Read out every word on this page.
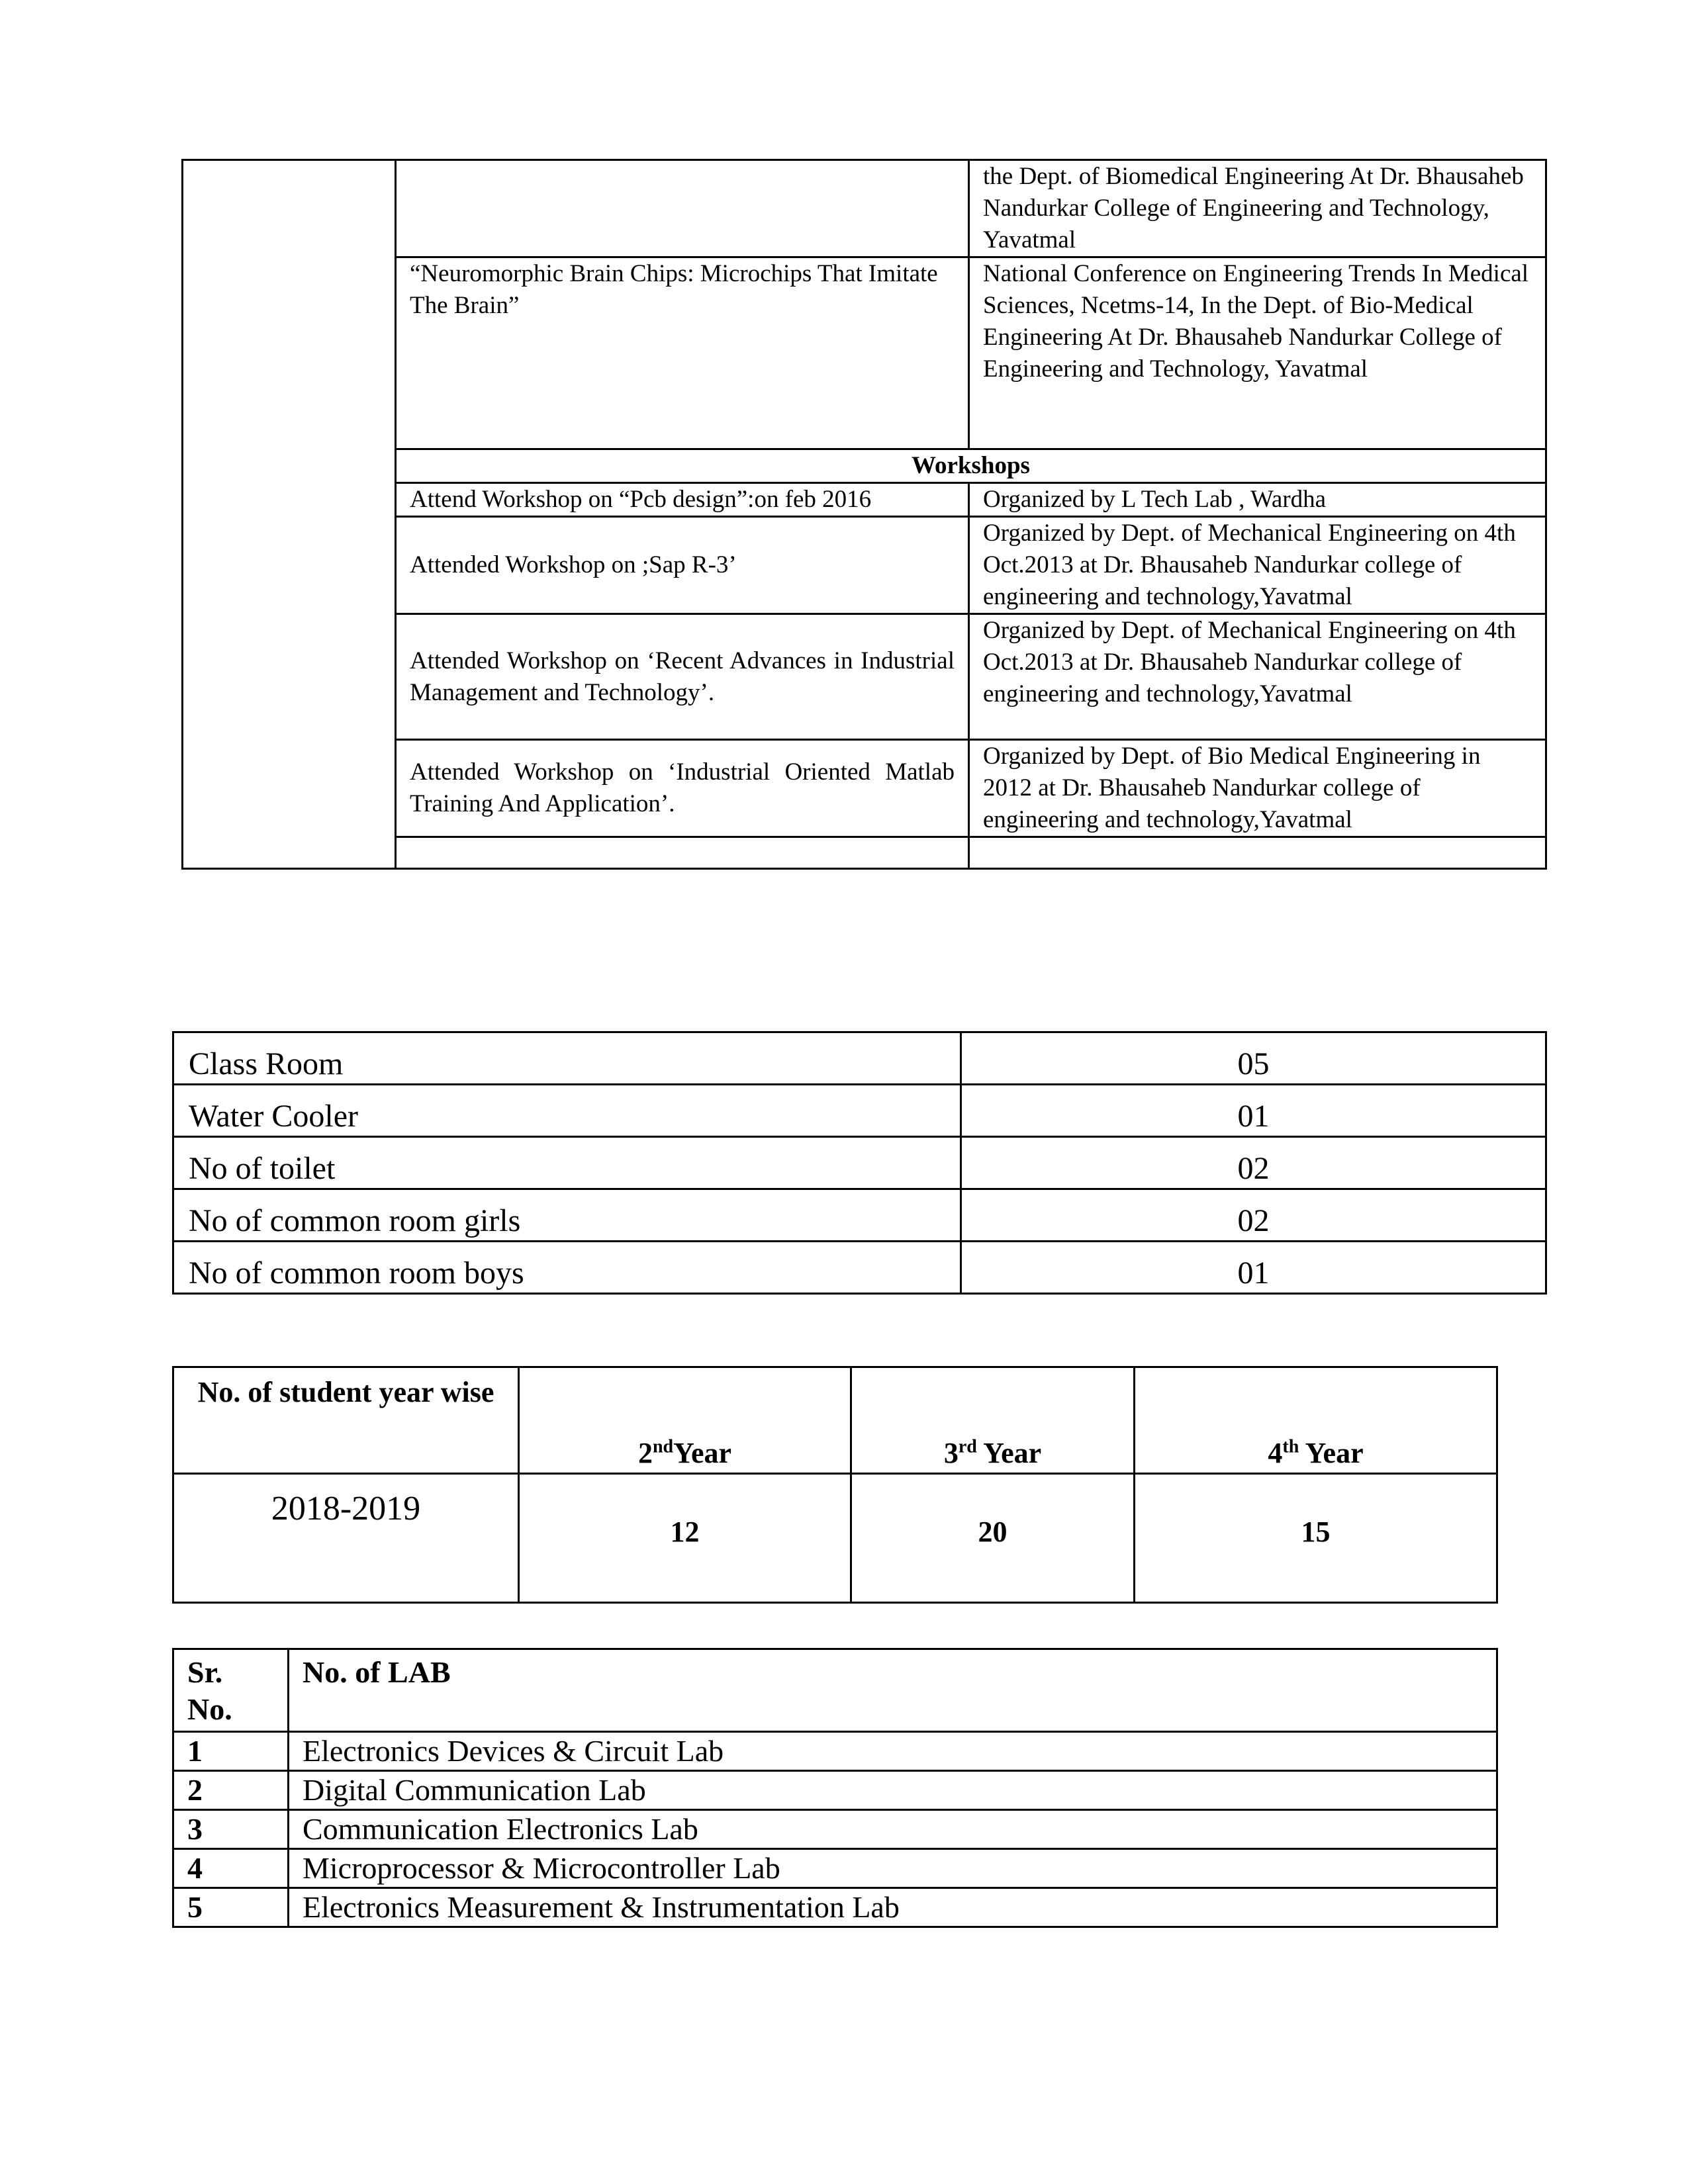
		the Dept. of Biomedical Engineering At Dr. Bhausaheb Nandurkar College of Engineering and Technology, Yavatmal
	“Neuromorphic Brain Chips: Microchips That Imitate The Brain”	National Conference on Engineering Trends In Medical Sciences, Ncetms-14, In the Dept. of Bio-Medical Engineering At Dr. Bhausaheb Nandurkar College of Engineering and Technology, Yavatmal
	Workshops	
	Attend Workshop on “Pcb design”:on feb 2016	Organized by L Tech Lab , Wardha
	Attended Workshop on ;Sap R-3’	Organized by Dept. of Mechanical Engineering on 4th Oct.2013 at Dr. Bhausaheb Nandurkar college of engineering and technology,Yavatmal
	Attended Workshop on ‘Recent Advances in Industrial Management and Technology’.	Organized by Dept. of Mechanical Engineering on 4th Oct.2013 at Dr. Bhausaheb Nandurkar college of engineering and technology,Yavatmal
	Attended Workshop on ‘Industrial Oriented Matlab Training And Application’.	Organized by Dept. of Bio Medical Engineering in 2012 at Dr. Bhausaheb Nandurkar college of engineering and technology,Yavatmal

Class Room	05
Water Cooler	01
No of toilet	02
No of common room girls	02
No of common room boys	01
No. of student year wise	2ndYear	3rd Year	4th Year
2018-2019	12	20	15
Sr. No.	No. of LAB
1	Electronics Devices & Circuit Lab
2	Digital Communication Lab
3	Communication Electronics Lab
4	Microprocessor & Microcontroller Lab
5	Electronics Measurement & Instrumentation Lab
